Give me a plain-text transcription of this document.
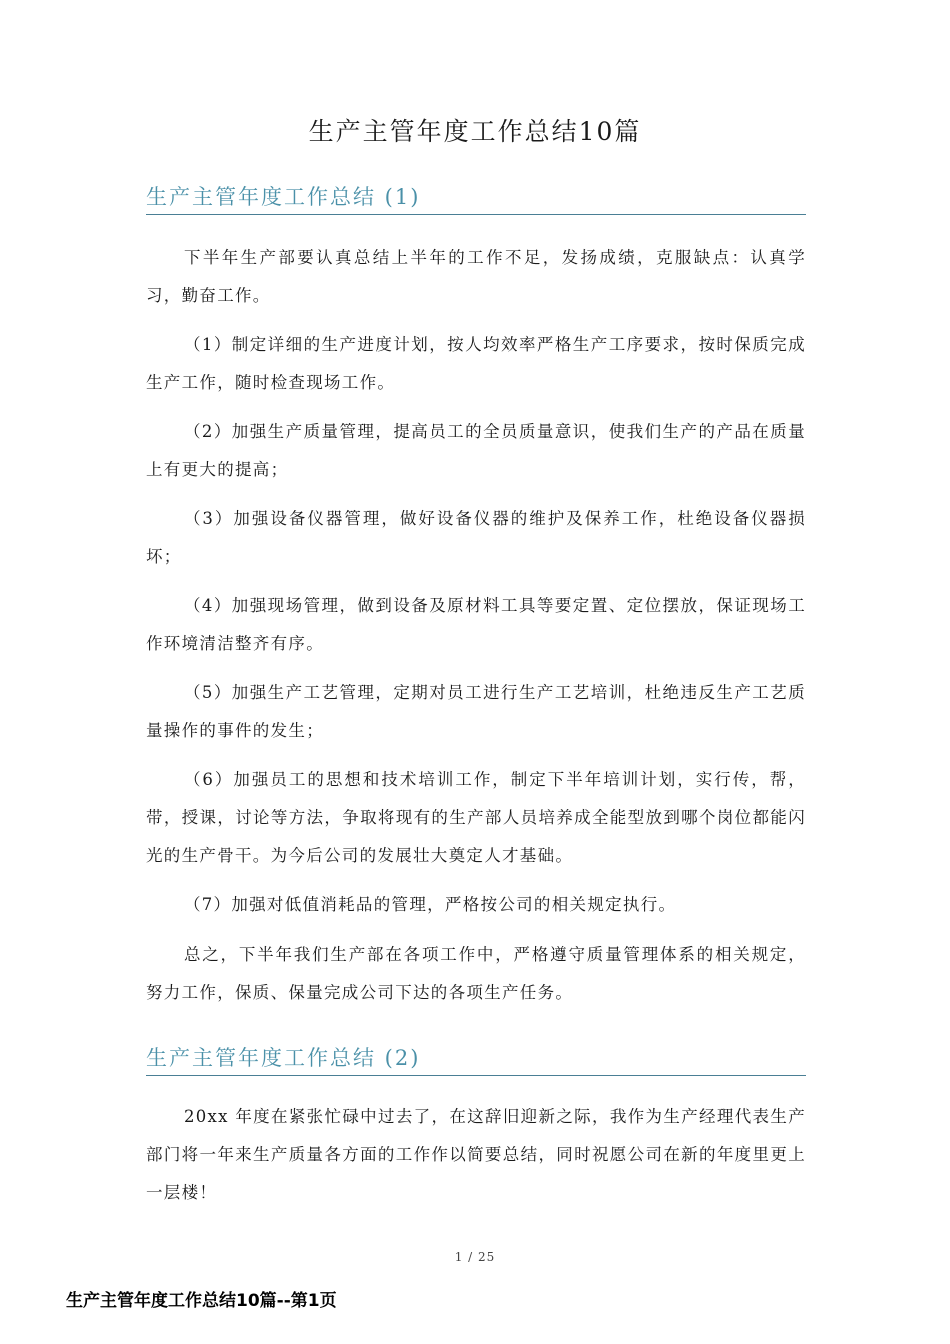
生产主管年度工作总结10篇
生产主管年度工作总结 (1)

下半年生产部要认真总结上半年的工作不足，发扬成绩，克服缺点：认真学习，勤奋工作。

（1）制定详细的生产进度计划，按人均效率严格生产工序要求，按时保质完成生产工作，随时检查现场工作。

（2）加强生产质量管理，提高员工的全员质量意识，使我们生产的产品在质量上有更大的提高；

（3）加强设备仪器管理，做好设备仪器的维护及保养工作，杜绝设备仪器损坏；

（4）加强现场管理，做到设备及原材料工具等要定置、定位摆放，保证现场工作环境清洁整齐有序。

（5）加强生产工艺管理，定期对员工进行生产工艺培训，杜绝违反生产工艺质量操作的事件的发生；

（6）加强员工的思想和技术培训工作，制定下半年培训计划，实行传，帮，带，授课，讨论等方法，争取将现有的生产部人员培养成全能型放到哪个岗位都能闪光的生产骨干。为今后公司的发展壮大奠定人才基础。

（7）加强对低值消耗品的管理，严格按公司的相关规定执行。

总之，下半年我们生产部在各项工作中，严格遵守质量管理体系的相关规定，努力工作，保质、保量完成公司下达的各项生产任务。

生产主管年度工作总结 (2)

20xx 年度在紧张忙碌中过去了，在这辞旧迎新之际，我作为生产经理代表生产部门将一年来生产质量各方面的工作作以简要总结，同时祝愿公司在新的年度里更上一层楼！

1 / 25
生产主管年度工作总结10篇--第1页
